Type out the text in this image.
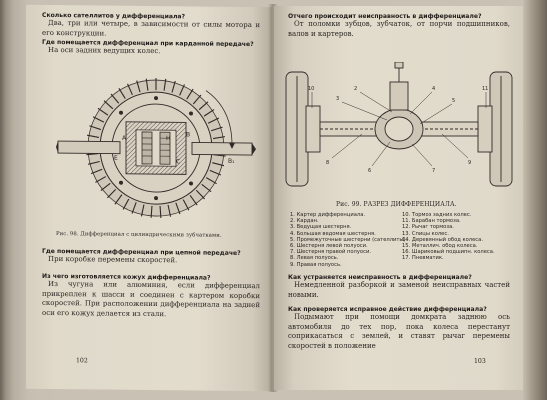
Сколько сателлитов у дифференциала?

Два, три или четыре, в зависимости от силы мотора и его конструкции.

Где помещается дифференциал при карданной передаче?

На оси задних ведущих колес.

A	H
B
C	B₁
E

Рис. 98. Дифференциал с цилиндрическими зубчатками.

Где помещается дифференциал при цепной передаче?

При коробке перемены скоростей.

Из чего изготовляется кожух дифференциала?

Из чугуна или алюминия, если дифференциал прикреплен к шасси и соединен с картером коробки скоростей. При расположении дифференциала на задней оси его кожух делается из стали.

102

Отчего происходит неисправность в дифференциале?

От поломки зубцов, зубчаток, от порчи подшипников, валов и картеров.

3
2	4
5
8
6	7
9
10	11

Рис. 99. РАЗРЕЗ ДИФФЕРЕНЦИАЛА.

1. Картер дифференциала.
2. Кардан.
3. Ведущая шестерня.
4. Большая ведомая шестерня.
5. Промежуточные шестерни (сателлиты).
6. Шестерня левой полуоси.
7. Шестерня правой полуоси.
8. Левая полуось.
9. Правая полуось.
10. Тормоз задних колес.
11. Барабан тормоза.
12. Рычаг тормоза.
13. Спицы колес.
14. Деревянный обод колеса.
15. Металлич. обод колеса.
16. Шариковый подшипн. колеса.
17. Пневматик.

Как устраняется неисправность в дифференциале?

Немедленной разборкой и заменой неисправных частей новыми.

Как проверяется исправное действие дифференциала?

Подымают при помощи домкрата заднюю ось автомобиля до тех пор, пока колеса перестанут соприкасаться с землей, и ставят рычаг перемены скоростей в положение

103
